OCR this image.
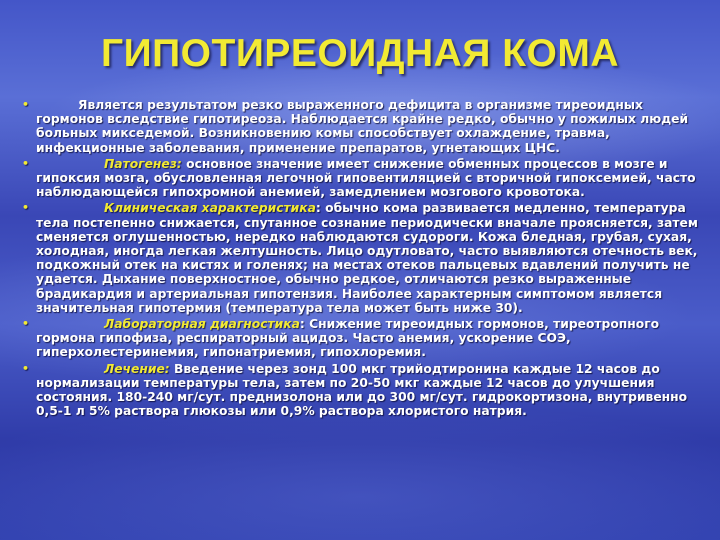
ГИПОТИРЕОИДНАЯ КОМА
•	Является результатом резко выраженного дефицита в организме тиреоидных гормонов вследствие гипотиреоза. Наблюдается крайне редко, обычно у пожилых людей больных микседемой. Возникновению комы способствует охлаждение, травма, инфекционные заболевания, применение препаратов, угнетающих ЦНС.
•	Патогенез: основное значение имеет снижение обменных процессов в мозге и гипоксия мозга, обусловленная легочной гиповентиляцией с вторичной гипоксемией, часто наблюдающейся гипохромной анемией, замедлением мозгового кровотока.
•	Клиническая характеристика: обычно кома развивается медленно, температура тела постепенно снижается, спутанное сознание периодически вначале проясняется, затем сменяется оглушенностью, нередко наблюдаются судороги. Кожа бледная, грубая, сухая, холодная, иногда легкая желтушность. Лицо одутловато, часто выявляются отечность век, подкожный отек на кистях и голенях; на местах отеков пальцевых вдавлений получить не удается. Дыхание поверхностное, обычно редкое, отличаются резко выраженные брадикардия и артериальная гипотензия. Наиболее характерным симптомом является значительная гипотермия (температура тела может быть ниже 30).
•	Лабораторная диагностика: Снижение тиреоидных гормонов, тиреотропного гормона гипофиза, респираторный ацидоз. Часто анемия, ускорение СОЭ, гиперхолестеринемия, гипонатриемия, гипохлоремия.
•	Лечение: Введение через зонд 100 мкг трийодтиронина каждые 12 часов до нормализации температуры тела, затем по 20-50 мкг каждые 12 часов до улучшения состояния. 180-240 мг/сут. преднизолона или до 300 мг/сут. гидрокортизона, внутривенно 0,5-1 л 5% раствора глюкозы или 0,9% раствора хлористого натрия.
